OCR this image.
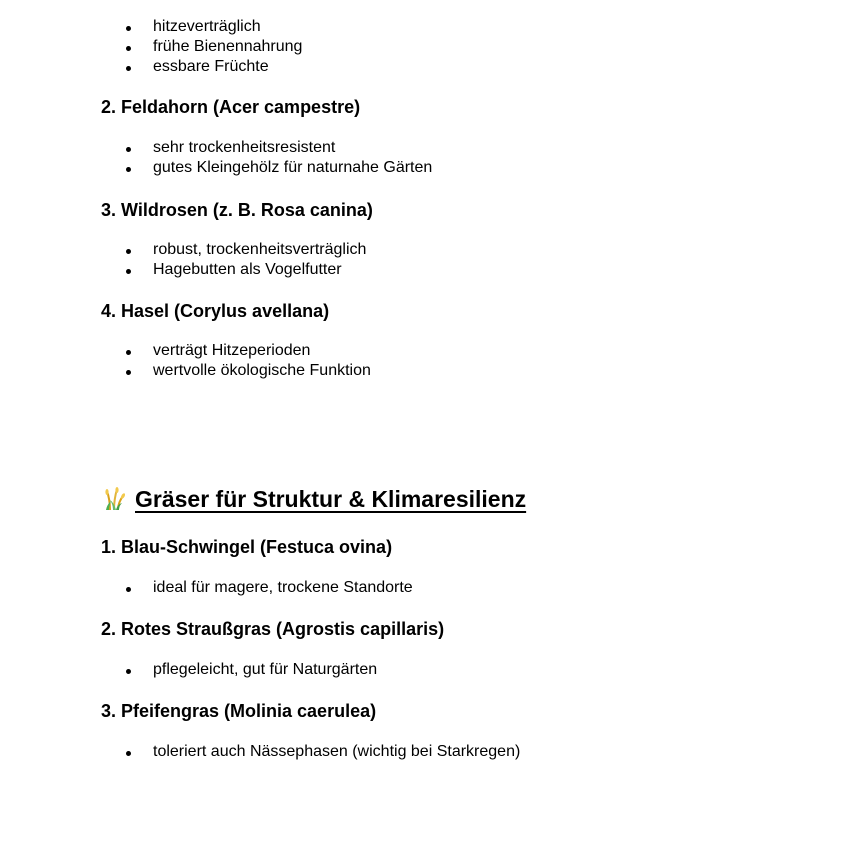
hitzeverträglich
frühe Bienennahrung
essbare Früchte
2. Feldahorn (Acer campestre)
sehr trockenheitsresistent
gutes Kleingehölz für naturnahe Gärten
3. Wildrosen (z. B. Rosa canina)
robust, trockenheitsverträglich
Hagebutten als Vogelfutter
4. Hasel (Corylus avellana)
verträgt Hitzeperioden
wertvolle ökologische Funktion
Gräser für Struktur & Klimaresilienz
1. Blau-Schwingel (Festuca ovina)
ideal für magere, trockene Standorte
2. Rotes Straußgras (Agrostis capillaris)
pflegeleicht, gut für Naturgärten
3. Pfeifengras (Molinia caerulea)
toleriert auch Nässephasen (wichtig bei Starkregen)
